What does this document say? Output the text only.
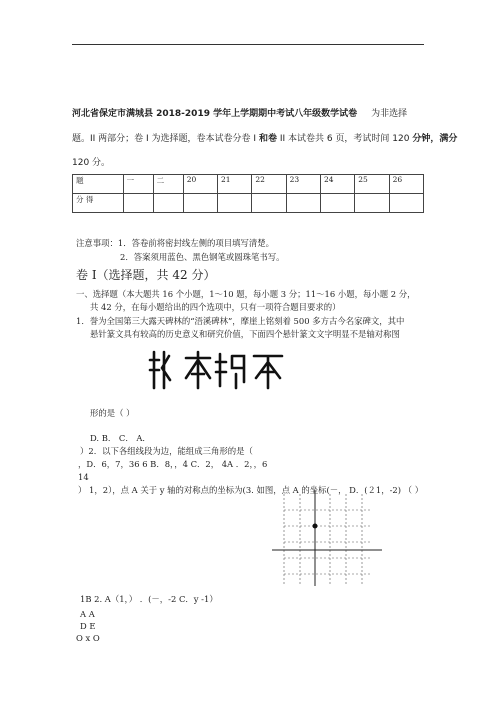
河北省保定市满城县 2018-2019 学年上学期期中考试八年级数学试卷 为非选择
题。II 两部分；卷 I 为选择题，卷本试卷分卷 I 和卷 II 本试卷共 6 页，考试时间 120 分钟，满分
120 分。
题	一	二	20	21	22	23	24	25	26
分 得									
注意事项：1．答卷前将密封线左侧的项目填写清楚。
2．答案须用蓝色、黑色钢笔或圆珠笔书写。
卷 I（选择题，共 42 分）
一、选择题（本大题共 16 个小题，1～10 题，每小题 3 分；11～16 小题，每小题 2 分，
共 42 分，在每小题给出的四个选项中，只有一项符合题目要求的）
1．誉为全国第三大露天碑林的“浯溪碑林”，摩崖上铭刻着 500 多方古今名家碑文，其中
悬针篆文具有较高的历史意义和研究价值，下面四个悬针篆文文字明显不是轴对称图
形的是（ ）
D. B． C． A．
）2．以下各组线段为边，能组成三角形的是（
，D．6，7，36 6 B．8，，4 C．2， 4A ．2，，6
14
） 1，2），点 A 关于 y 轴的对称点的坐标为(3. 如图，点 A 的坐标(－， D．(２1，-2) （ ）
1B 2. A（1，） ．(－，-2 C．y -1）
A A
D E
O x O
